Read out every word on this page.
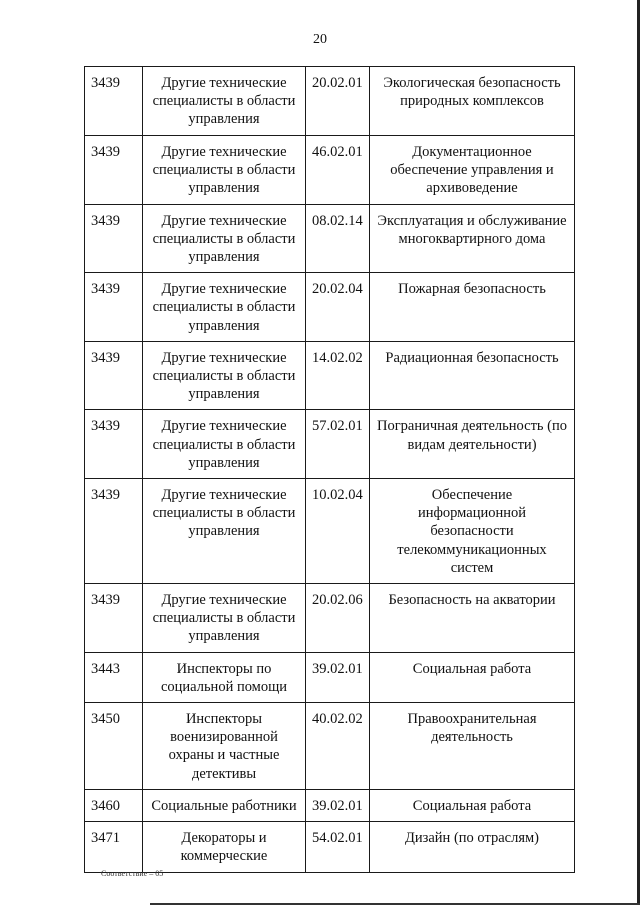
20
3439	Другие технические специалисты в области управления	20.02.01	Экологическая безопасность природных комплексов
3439	Другие технические специалисты в области управления	46.02.01	Документационное обеспечение управления и архивоведение
3439	Другие технические специалисты в области управления	08.02.14	Эксплуатация и обслуживание многоквартирного дома
3439	Другие технические специалисты в области управления	20.02.04	Пожарная безопасность
3439	Другие технические специалисты в области управления	14.02.02	Радиационная безопасность
3439	Другие технические специалисты в области управления	57.02.01	Пограничная деятельность (по видам деятельности)
3439	Другие технические специалисты в области управления	10.02.04	Обеспечение информационной безопасности телекоммуникационных систем
3439	Другие технические специалисты в области управления	20.02.06	Безопасность на акватории
3443	Инспекторы по социальной помощи	39.02.01	Социальная работа
3450	Инспекторы военизированной охраны и частные детективы	40.02.02	Правоохранительная деятельность
3460	Социальные работники	39.02.01	Социальная работа
3471	Декораторы и коммерческие	54.02.01	Дизайн (по отраслям)
Соответствие – 05
